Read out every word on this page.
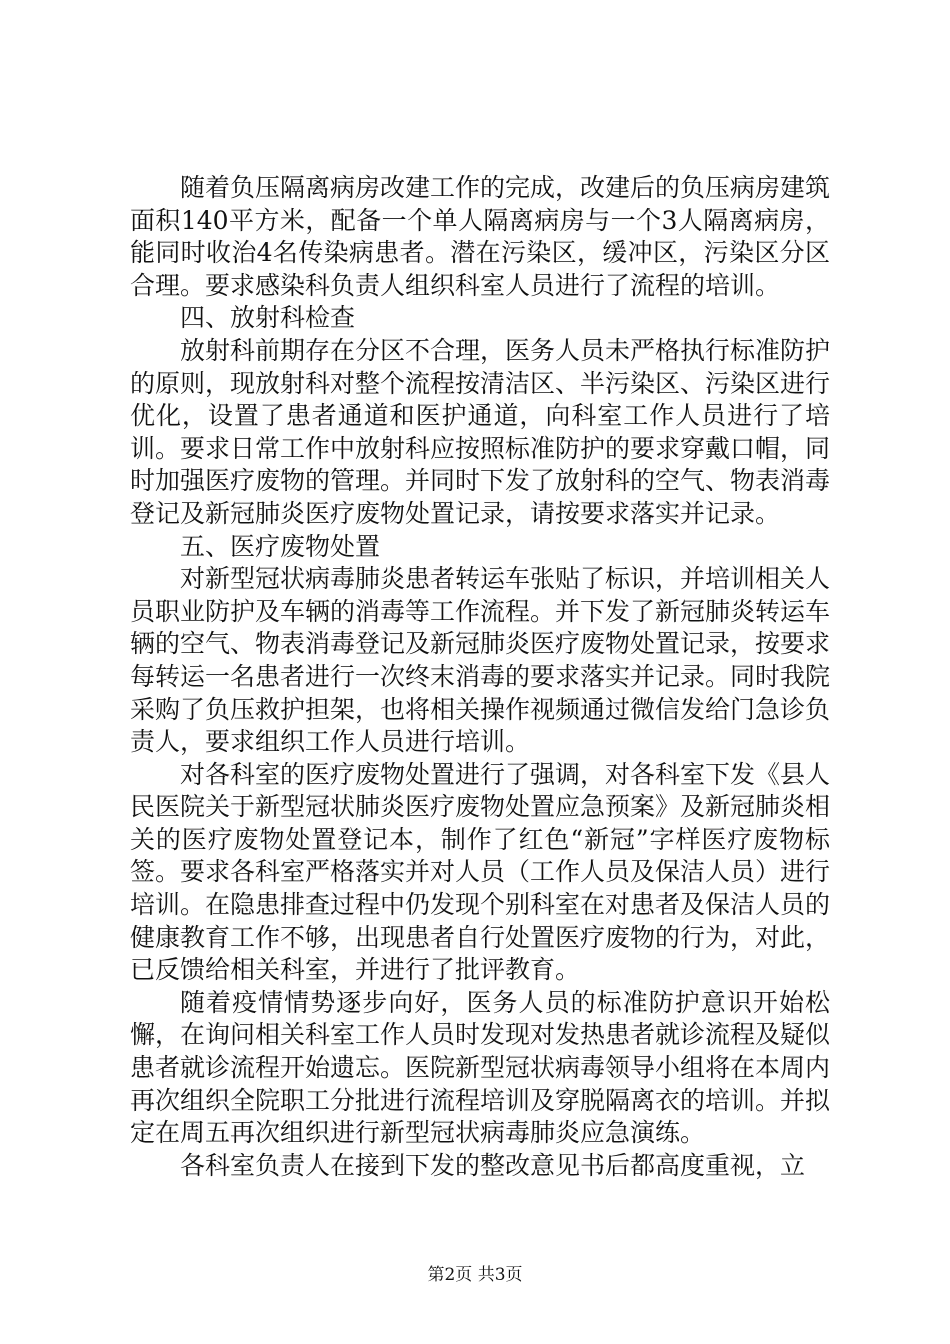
随着负压隔离病房改建工作的完成，改建后的负压病房建筑面积140平方米，配备一个单人隔离病房与一个3人隔离病房，能同时收治4名传染病患者。潜在污染区，缓冲区，污染区分区合理。要求感染科负责人组织科室人员进行了流程的培训。

四、放射科检查

放射科前期存在分区不合理，医务人员未严格执行标准防护的原则，现放射科对整个流程按清洁区、半污染区、污染区进行优化，设置了患者通道和医护通道，向科室工作人员进行了培训。要求日常工作中放射科应按照标准防护的要求穿戴口帽，同时加强医疗废物的管理。并同时下发了放射科的空气、物表消毒登记及新冠肺炎医疗废物处置记录，请按要求落实并记录。

五、医疗废物处置

对新型冠状病毒肺炎患者转运车张贴了标识，并培训相关人员职业防护及车辆的消毒等工作流程。并下发了新冠肺炎转运车辆的空气、物表消毒登记及新冠肺炎医疗废物处置记录，按要求每转运一名患者进行一次终末消毒的要求落实并记录。同时我院采购了负压救护担架，也将相关操作视频通过微信发给门急诊负责人，要求组织工作人员进行培训。

对各科室的医疗废物处置进行了强调，对各科室下发《县人民医院关于新型冠状肺炎医疗废物处置应急预案》及新冠肺炎相关的医疗废物处置登记本，制作了红色“新冠”字样医疗废物标签。要求各科室严格落实并对人员（工作人员及保洁人员）进行培训。在隐患排查过程中仍发现个别科室在对患者及保洁人员的健康教育工作不够，出现患者自行处置医疗废物的行为，对此，已反馈给相关科室，并进行了批评教育。

随着疫情情势逐步向好，医务人员的标准防护意识开始松懈，在询问相关科室工作人员时发现对发热患者就诊流程及疑似患者就诊流程开始遗忘。医院新型冠状病毒领导小组将在本周内再次组织全院职工分批进行流程培训及穿脱隔离衣的培训。并拟定在周五再次组织进行新型冠状病毒肺炎应急演练。

各科室负责人在接到下发的整改意见书后都高度重视，立

第2页 共3页
